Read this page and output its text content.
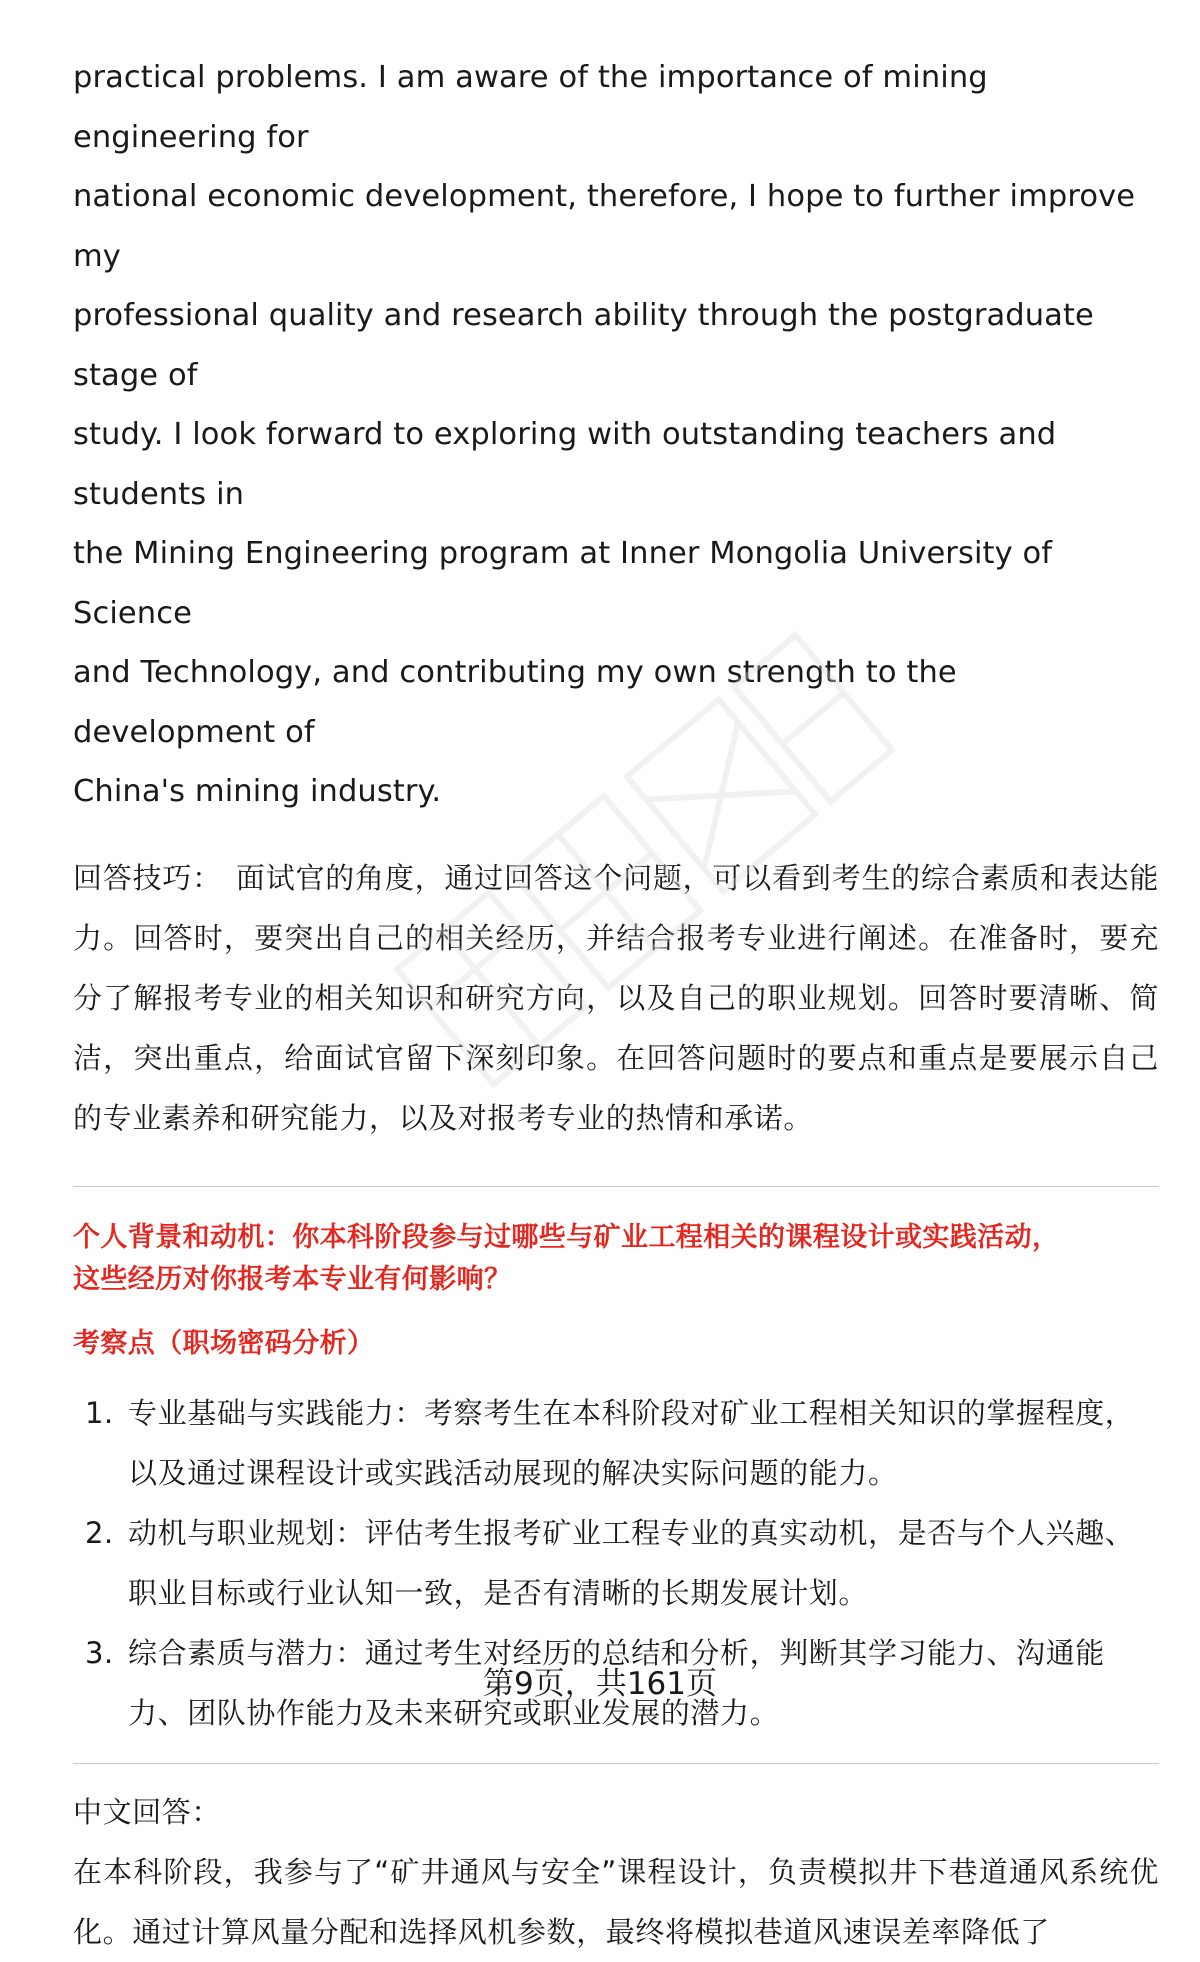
practical problems. I am aware of the importance of mining engineering for
national economic development, therefore, I hope to further improve my
professional quality and research ability through the postgraduate stage of
study. I look forward to exploring with outstanding teachers and students in
the Mining Engineering program at Inner Mongolia University of Science
and Technology, and contributing my own strength to the development of
China's mining industry.

回答技巧： 面试官的角度，通过回答这个问题，可以看到考生的综合素质和表达能力。回答时，要突出自己的相关经历，并结合报考专业进行阐述。在准备时，要充分了解报考专业的相关知识和研究方向，以及自己的职业规划。回答时要清晰、简洁，突出重点，给面试官留下深刻印象。在回答问题时的要点和重点是要展示自己的专业素养和研究能力，以及对报考专业的热情和承诺。

个人背景和动机：你本科阶段参与过哪些与矿业工程相关的课程设计或实践活动，
这些经历对你报考本专业有何影响？
考察点（职场密码分析）
1. 专业基础与实践能力：考察考生在本科阶段对矿业工程相关知识的掌握程度，以及通过课程设计或实践活动展现的解决实际问题的能力。
2. 动机与职业规划：评估考生报考矿业工程专业的真实动机，是否与个人兴趣、职业目标或行业认知一致，是否有清晰的长期发展计划。
3. 综合素质与潜力：通过考生对经历的总结和分析，判断其学习能力、沟通能力、团队协作能力及未来研究或职业发展的潜力。

中文回答：

在本科阶段，我参与了“矿井通风与安全”课程设计，负责模拟井下巷道通风系统优化。通过计算风量分配和选择风机参数，最终将模拟巷道风速误差率降低了

第9页，共161页
